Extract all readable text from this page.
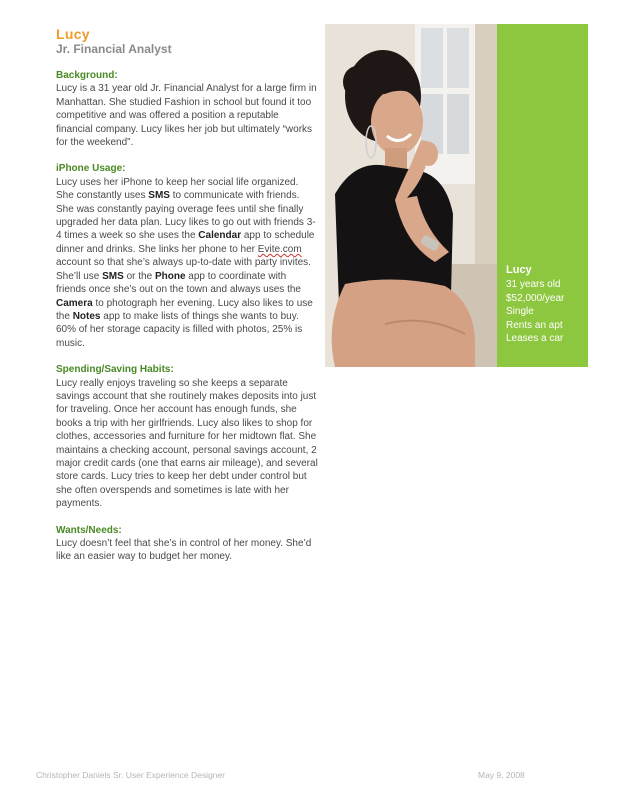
Lucy
Jr. Financial Analyst
Background:

Lucy is a 31 year old Jr. Financial Analyst for a large firm in Manhattan. She studied Fashion in school but found it too competitive and was offered a position a reputable financial company. Lucy likes her job but ultimately “works for the weekend”.

iPhone Usage:

Lucy uses her iPhone to keep her social life organized. She constantly uses SMS to communicate with friends. She was constantly paying overage fees until she finally upgraded her data plan. Lucy likes to go out with friends 3-4 times a week so she uses the Calendar app to schedule dinner and drinks. She links her phone to her Evite.com account so that she’s always up-to-date with party invites. She’ll use SMS or the Phone app to coordinate with friends once she’s out on the town and always uses the Camera to photograph her evening. Lucy also likes to use the Notes app to make lists of things she wants to buy. 60% of her storage capacity is filled with photos, 25% is music.

Spending/Saving Habits:

Lucy really enjoys traveling so she keeps a separate savings account that she routinely makes deposits into just for traveling. Once her account has enough funds, she books a trip with her girlfriends. Lucy also likes to shop for clothes, accessories and furniture for her midtown flat. She maintains a checking account, personal savings account, 2 major credit cards (one that earns air mileage), and several store cards. Lucy tries to keep her debt under control but she often overspends and sometimes is late with her payments.

Wants/Needs:

Lucy doesn’t feel that she’s in control of her money. She’d like an easier way to budget her money.

Lucy
31 years old
$52,000/year
Single
Rents an apt
Leases a car
Christopher Daniels Sr. User Experience Designer	May 9, 2008
